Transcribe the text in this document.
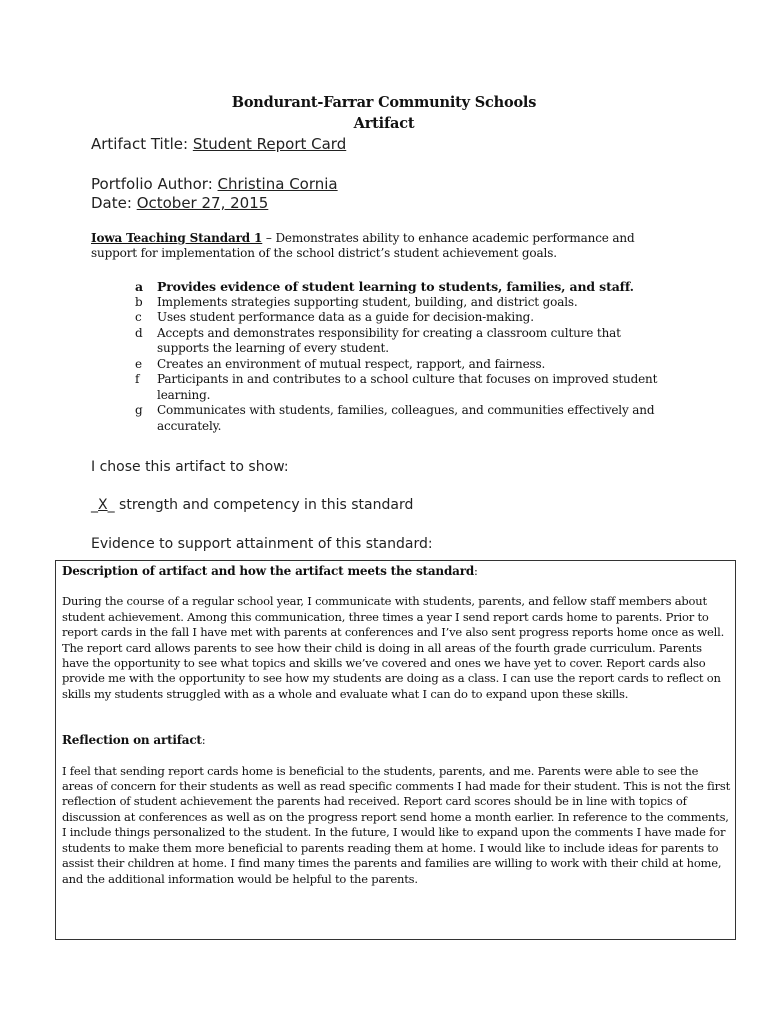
Bondurant-Farrar Community Schools
Artifact
Artifact Title: Student Report Card
Portfolio Author: Christina Cornia
Date: October 27, 2015
Iowa Teaching Standard 1 – Demonstrates ability to enhance academic performance and support for implementation of the school district’s student achievement goals.
a	Provides evidence of student learning to students, families, and staff.
b	Implements strategies supporting student, building, and district goals.
c	Uses student performance data as a guide for decision-making.
d	Accepts and demonstrates responsibility for creating a classroom culture that supports the learning of every student.
e	Creates an environment of mutual respect, rapport, and fairness.
f	Participants in and contributes to a school culture that focuses on improved student learning.
g	Communicates with students, families, colleagues, and communities effectively and accurately.
I chose this artifact to show:
_X_ strength and competency in this standard
Evidence to support attainment of this standard:

Description of artifact and how the artifact meets the standard:

During the course of a regular school year, I communicate with students, parents, and fellow staff members about student achievement. Among this communication, three times a year I send report cards home to parents. Prior to report cards in the fall I have met with parents at conferences and I’ve also sent progress reports home once as well. The report card allows parents to see how their child is doing in all areas of the fourth grade curriculum. Parents have the opportunity to see what topics and skills we’ve covered and ones we have yet to cover. Report cards also provide me with the opportunity to see how my students are doing as a class. I can use the report cards to reflect on skills my students struggled with as a whole and evaluate what I can do to expand upon these skills.

Reflection on artifact:

I feel that sending report cards home is beneficial to the students, parents, and me. Parents were able to see the areas of concern for their students as well as read specific comments I had made for their student. This is not the first reflection of student achievement the parents had received. Report card scores should be in line with topics of discussion at conferences as well as on the progress report send home a month earlier. In reference to the comments, I include things personalized to the student. In the future, I would like to expand upon the comments I have made for students to make them more beneficial to parents reading them at home. I would like to include ideas for parents to assist their children at home. I find many times the parents and families are willing to work with their child at home, and the additional information would be helpful to the parents.
